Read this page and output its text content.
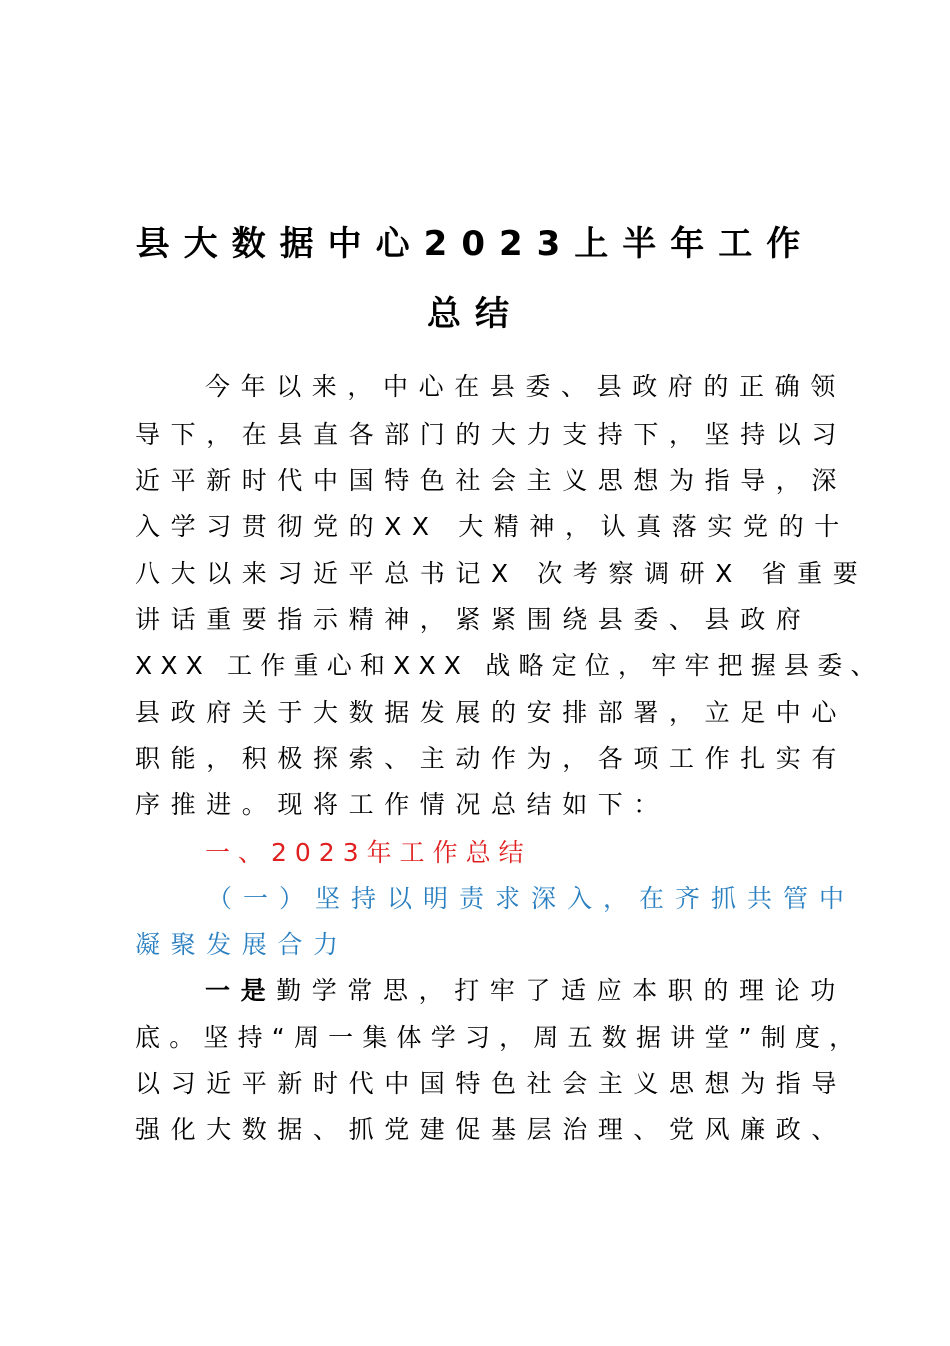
县大数据中心2023上半年工作
总结
今年以来，中心在县委、县政府的正确领
导下，在县直各部门的大力支持下，坚持以习
近平新时代中国特色社会主义思想为指导，深
入学习贯彻党的XX 大精神，认真落实党的十
八大以来习近平总书记X 次考察调研X 省重要
讲话重要指示精神，紧紧围绕县委、县政府
XXX 工作重心和XXX 战略定位，牢牢把握县委、
县政府关于大数据发展的安排部署，立足中心
职能，积极探索、主动作为，各项工作扎实有
序推进。现将工作情况总结如下：
一、2023年工作总结
（一）坚持以明责求深入，在齐抓共管中
凝聚发展合力
一是勤学常思，打牢了适应本职的理论功
底。坚持“周一集体学习，周五数据讲堂”制度，
以习近平新时代中国特色社会主义思想为指导
强化大数据、抓党建促基层治理、党风廉政、
